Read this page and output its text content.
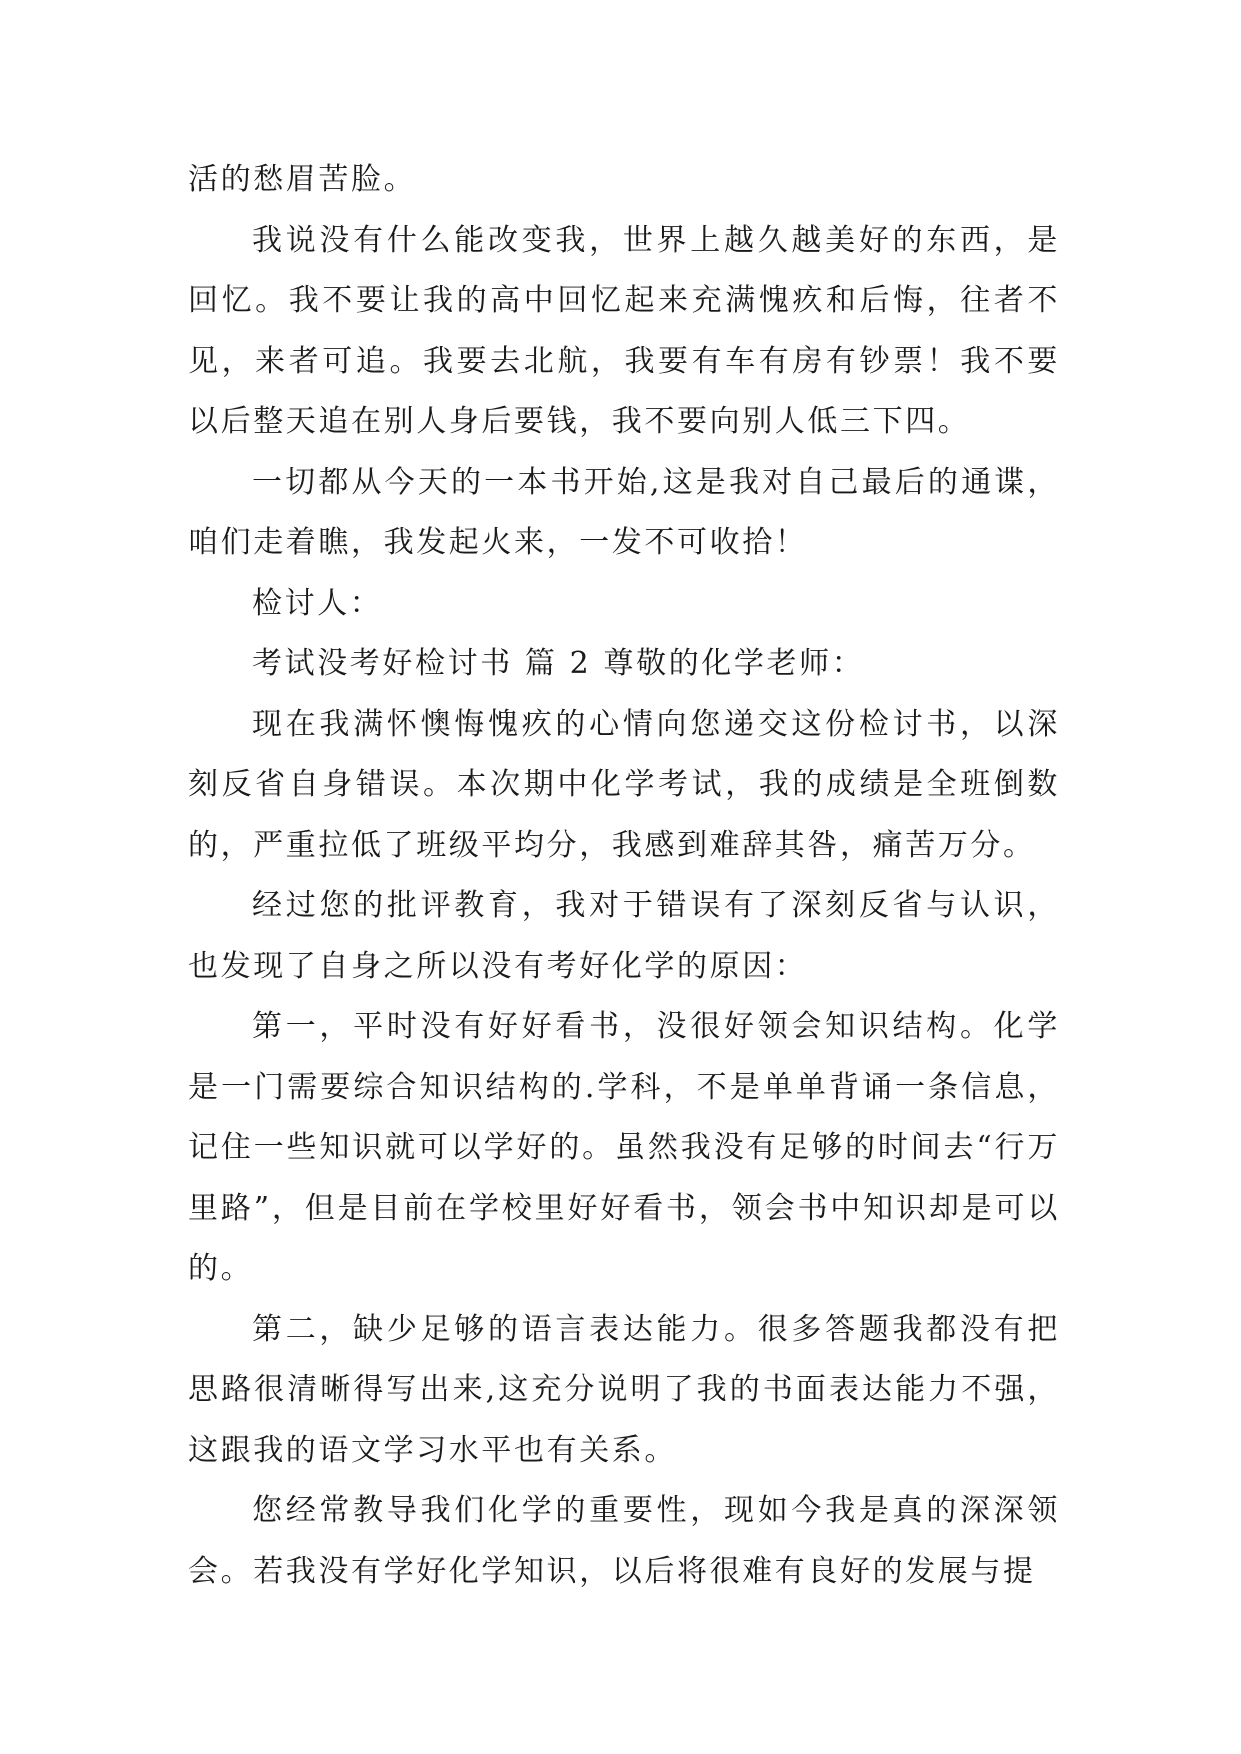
活的愁眉苦脸。

我说没有什么能改变我，世界上越久越美好的东西，是回忆。我不要让我的高中回忆起来充满愧疚和后悔，往者不见，来者可追。我要去北航，我要有车有房有钞票！我不要以后整天追在别人身后要钱，我不要向别人低三下四。

一切都从今天的一本书开始,这是我对自己最后的通谍，咱们走着瞧，我发起火来，一发不可收拾！

检讨人：

考试没考好检讨书 篇 2 尊敬的化学老师：

现在我满怀懊悔愧疚的心情向您递交这份检讨书，以深刻反省自身错误。本次期中化学考试，我的成绩是全班倒数的，严重拉低了班级平均分，我感到难辞其咎，痛苦万分。

经过您的批评教育，我对于错误有了深刻反省与认识，也发现了自身之所以没有考好化学的原因：

第一，平时没有好好看书，没很好领会知识结构。化学是一门需要综合知识结构的.学科，不是单单背诵一条信息，记住一些知识就可以学好的。虽然我没有足够的时间去“行万里路”，但是目前在学校里好好看书，领会书中知识却是可以的。

第二，缺少足够的语言表达能力。很多答题我都没有把思路很清晰得写出来,这充分说明了我的书面表达能力不强，这跟我的语文学习水平也有关系。

您经常教导我们化学的重要性，现如今我是真的深深领会。若我没有学好化学知识，以后将很难有良好的发展与提
